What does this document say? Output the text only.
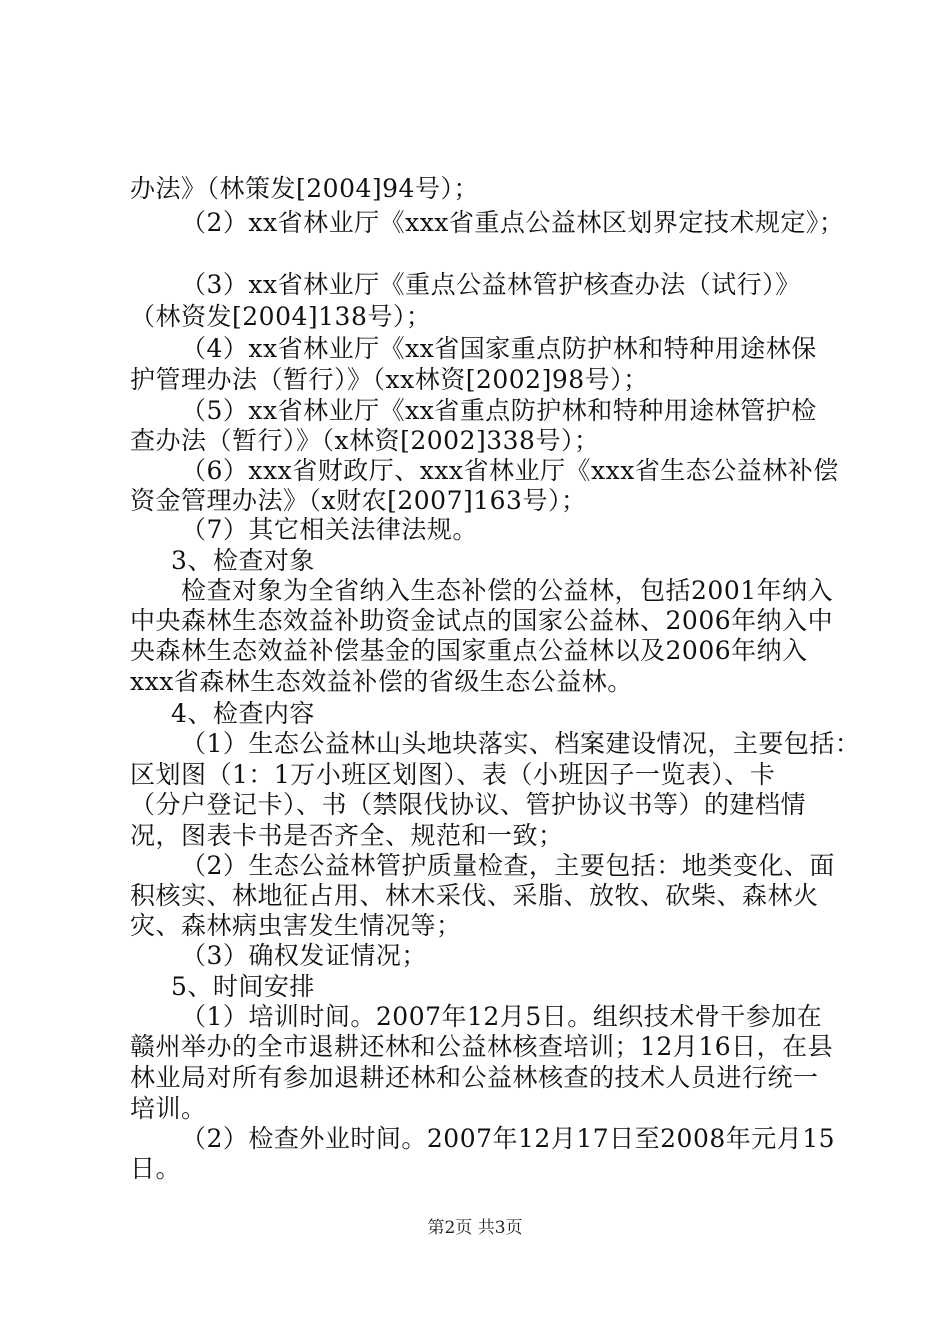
办法》（林策发[2004]94号）；
（2）xx省林业厅《xxx省重点公益林区划界定技术规定》；
（3）xx省林业厅《重点公益林管护核查办法（试行）》
（林资发[2004]138号）；
（4）xx省林业厅《xx省国家重点防护林和特种用途林保
护管理办法（暂行）》（xx林资[2002]98号）；
（5）xx省林业厅《xx省重点防护林和特种用途林管护检
查办法（暂行）》（x林资[2002]338号）；
（6）xxx省财政厅、xxx省林业厅《xxx省生态公益林补偿
资金管理办法》（x财农[2007]163号）；
（7）其它相关法律法规。
3、检查对象
检查对象为全省纳入生态补偿的公益林，包括2001年纳入
中央森林生态效益补助资金试点的国家公益林、2006年纳入中
央森林生态效益补偿基金的国家重点公益林以及2006年纳入
xxx省森林生态效益补偿的省级生态公益林。
4、检查内容
（1）生态公益林山头地块落实、档案建设情况，主要包括：
区划图（1：1万小班区划图）、表（小班因子一览表）、卡
（分户登记卡）、书（禁限伐协议、管护协议书等）的建档情
况，图表卡书是否齐全、规范和一致；
（2）生态公益林管护质量检查，主要包括：地类变化、面
积核实、林地征占用、林木采伐、采脂、放牧、砍柴、森林火
灾、森林病虫害发生情况等；
（3）确权发证情况；
5、时间安排
（1）培训时间。2007年12月5日。组织技术骨干参加在
赣州举办的全市退耕还林和公益林核查培训；12月16日，在县
林业局对所有参加退耕还林和公益林核查的技术人员进行统一
培训。
（2）检查外业时间。2007年12月17日至2008年元月15
日。
第2页 共3页
